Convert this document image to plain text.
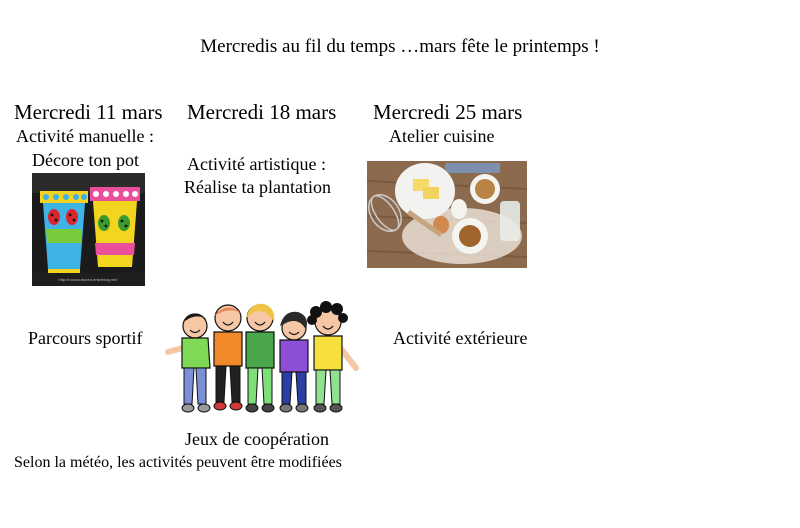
Mercredis au fil du temps …mars fête le printemps !
Mercredi 11 mars
Activité manuelle :
Décore ton pot
Mercredi 18 mars
Activité artistique :
Réalise ta plantation
Mercredi 25 mars
Atelier cuisine
http://nounoubored.enterblog.net/
Parcours sportif	Activité extérieure
Jeux de coopération
Selon la météo, les activités peuvent être modifiées
